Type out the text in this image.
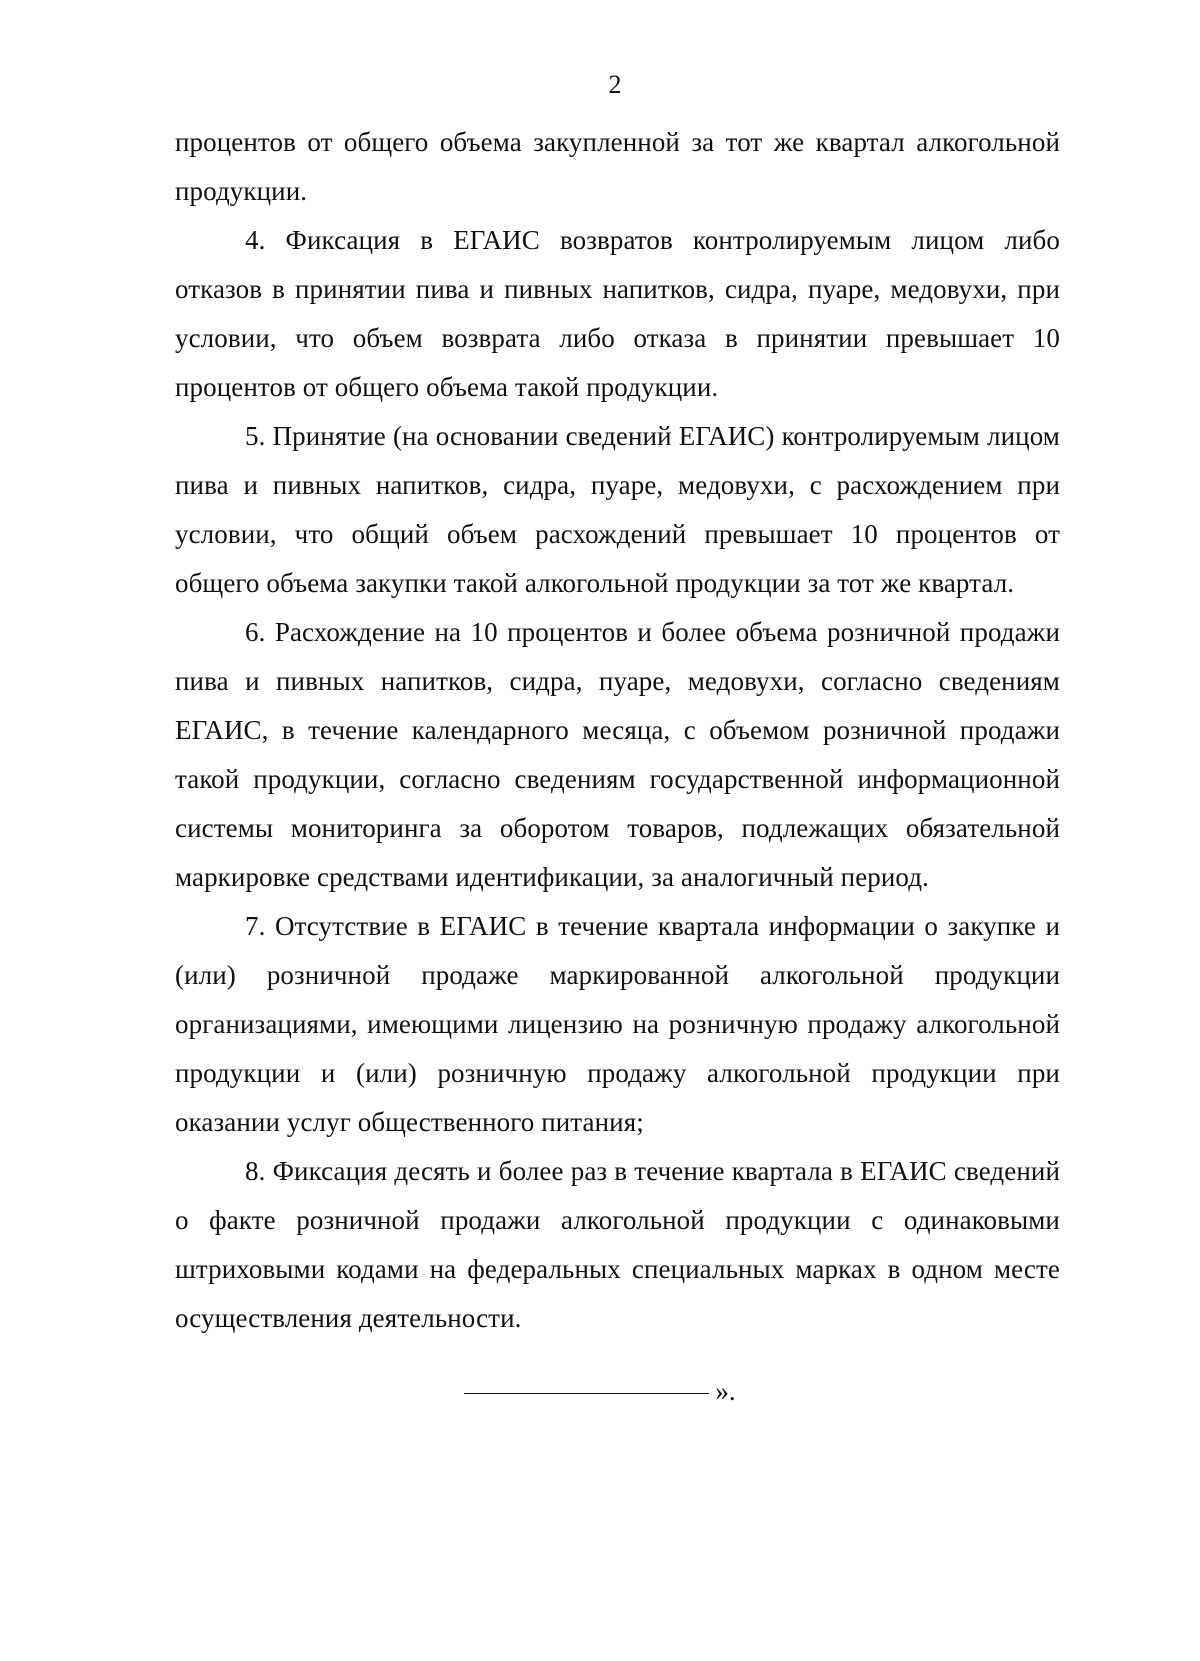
2

процентов от общего объема закупленной за тот же квартал алкогольной продукции.

4. Фиксация в ЕГАИС возвратов контролируемым лицом либо отказов в принятии пива и пивных напитков, сидра, пуаре, медовухи, при условии, что объем возврата либо отказа в принятии превышает 10 процентов от общего объема такой продукции.

5. Принятие (на основании сведений ЕГАИС) контролируемым лицом пива и пивных напитков, сидра, пуаре, медовухи, с расхождением при условии, что общий объем расхождений превышает 10 процентов от общего объема закупки такой алкогольной продукции за тот же квартал.

6. Расхождение на 10 процентов и более объема розничной продажи пива и пивных напитков, сидра, пуаре, медовухи, согласно сведениям ЕГАИС, в течение календарного месяца, с объемом розничной продажи такой продукции, согласно сведениям государственной информационной системы мониторинга за оборотом товаров, подлежащих обязательной маркировке средствами идентификации, за аналогичный период.

7. Отсутствие в ЕГАИС в течение квартала информации о закупке и (или) розничной продаже маркированной алкогольной продукции организациями, имеющими лицензию на розничную продажу алкогольной продукции и (или) розничную продажу алкогольной продукции при оказании услуг общественного питания;

8. Фиксация десять и более раз в течение квартала в ЕГАИС сведений о факте розничной продажи алкогольной продукции с одинаковыми штриховыми кодами на федеральных специальных марках в одном месте осуществления деятельности.

».
